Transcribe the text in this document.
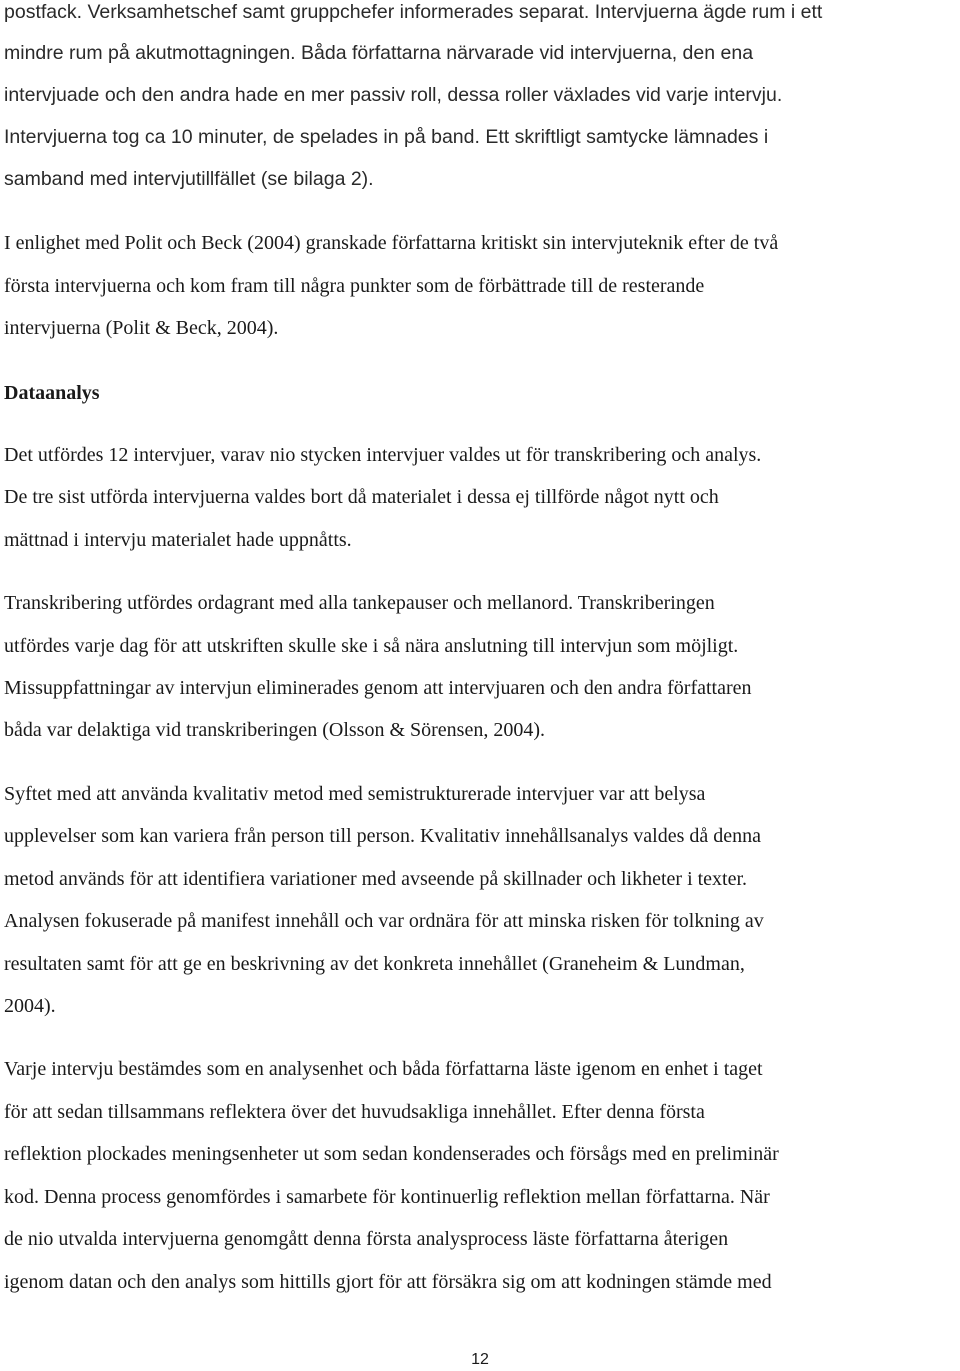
postfack. Verksamhetschef samt gruppchefer informerades separat. Intervjuerna ägde rum i ett
mindre rum på akutmottagningen. Båda författarna närvarade vid intervjuerna, den ena
intervjuade och den andra hade en mer passiv roll, dessa roller växlades vid varje intervju.
Intervjuerna tog ca 10 minuter, de spelades in på band. Ett skriftligt samtycke lämnades i
samband med intervjutillfället (se bilaga 2).
I enlighet med Polit och Beck (2004) granskade författarna kritiskt sin intervjuteknik efter de två
första intervjuerna och kom fram till några punkter som de förbättrade till de resterande
intervjuerna (Polit & Beck, 2004).
Dataanalys
Det utfördes 12 intervjuer, varav nio stycken intervjuer valdes ut för transkribering och analys.
De tre sist utförda intervjuerna valdes bort då materialet i dessa ej tillförde något nytt och
mättnad i intervju materialet hade uppnåtts.
Transkribering utfördes ordagrant med alla tankepauser och mellanord. Transkriberingen
utfördes varje dag för att utskriften skulle ske i så nära anslutning till intervjun som möjligt.
Missuppfattningar av intervjun eliminerades genom att intervjuaren och den andra författaren
båda var delaktiga vid transkriberingen (Olsson & Sörensen, 2004).
Syftet med att använda kvalitativ metod med semistrukturerade intervjuer var att belysa
upplevelser som kan variera från person till person. Kvalitativ innehållsanalys valdes då denna
metod används för att identifiera variationer med avseende på skillnader och likheter i texter.
Analysen fokuserade på manifest innehåll och var ordnära för att minska risken för tolkning av
resultaten samt för att ge en beskrivning av det konkreta innehållet (Graneheim & Lundman,
2004).
Varje intervju bestämdes som en analysenhet och båda författarna läste igenom en enhet i taget
för att sedan tillsammans reflektera över det huvudsakliga innehållet. Efter denna första
reflektion plockades meningsenheter ut som sedan kondenserades och försågs med en preliminär
kod. Denna process genomfördes i samarbete för kontinuerlig reflektion mellan författarna. När
de nio utvalda intervjuerna genomgått denna första analysprocess läste författarna återigen
igenom datan och den analys som hittills gjort för att försäkra sig om att kodningen stämde med
12
